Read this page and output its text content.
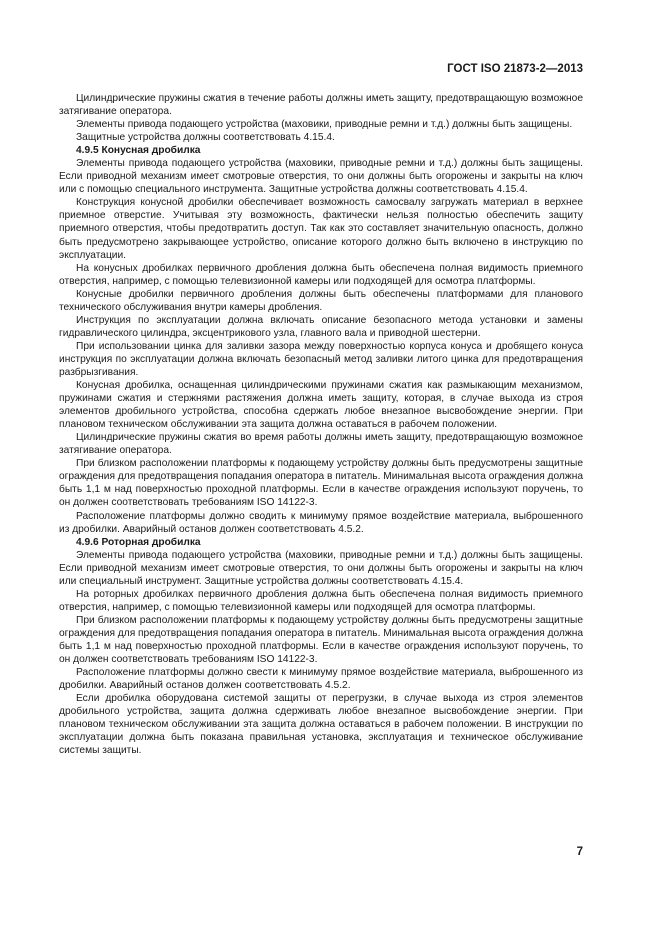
ГОСТ ISO 21873-2—2013

Цилиндрические пружины сжатия в течение работы должны иметь защиту, предотвращающую возможное затягивание оператора.

Элементы привода подающего устройства (маховики, приводные ремни и т.д.) должны быть защищены.

Защитные устройства должны соответствовать 4.15.4.

4.9.5 Конусная дробилка

Элементы привода подающего устройства (маховики, приводные ремни и т.д.) должны быть защищены. Если приводной механизм имеет смотровые отверстия, то они должны быть огорожены и закрыты на ключ или с помощью специального инструмента. Защитные устройства должны соответствовать 4.15.4.

Конструкция конусной дробилки обеспечивает возможность самосвалу загружать материал в верхнее приемное отверстие. Учитывая эту возможность, фактически нельзя полностью обеспечить защиту приемного отверстия, чтобы предотвратить доступ. Так как это составляет значительную опасность, должно быть предусмотрено закрывающее устройство, описание которого должно быть включено в инструкцию по эксплуатации.

На конусных дробилках первичного дробления должна быть обеспечена полная видимость приемного отверстия, например, с помощью телевизионной камеры или подходящей для осмотра платформы.

Конусные дробилки первичного дробления должны быть обеспечены платформами для планового технического обслуживания внутри камеры дробления.

Инструкция по эксплуатации должна включать описание безопасного метода установки и замены гидравлического цилиндра, эксцентрикового узла, главного вала и приводной шестерни.

При использовании цинка для заливки зазора между поверхностью корпуса конуса и дробящего конуса инструкция по эксплуатации должна включать безопасный метод заливки литого цинка для предотвращения разбрызгивания.

Конусная дробилка, оснащенная цилиндрическими пружинами сжатия как размыкающим механизмом, пружинами сжатия и стержнями растяжения должна иметь защиту, которая, в случае выхода из строя элементов дробильного устройства, способна сдержать любое внезапное высвобождение энергии. При плановом техническом обслуживании эта защита должна оставаться в рабочем положении.

Цилиндрические пружины сжатия во время работы должны иметь защиту, предотвращающую возможное затягивание оператора.

При близком расположении платформы к подающему устройству должны быть предусмотрены защитные ограждения для предотвращения попадания оператора в питатель. Минимальная высота ограждения должна быть 1,1 м над поверхностью проходной платформы. Если в качестве ограждения используют поручень, то он должен соответствовать требованиям ISO 14122-3.

Расположение платформы должно сводить к минимуму прямое воздействие материала, выброшенного из дробилки. Аварийный останов должен соответствовать 4.5.2.

4.9.6 Роторная дробилка

Элементы привода подающего устройства (маховики, приводные ремни и т.д.) должны быть защищены. Если приводной механизм имеет смотровые отверстия, то они должны быть огорожены и закрыты на ключ или специальный инструмент. Защитные устройства должны соответствовать 4.15.4.

На роторных дробилках первичного дробления должна быть обеспечена полная видимость приемного отверстия, например, с помощью телевизионной камеры или подходящей для осмотра платформы.

При близком расположении платформы к подающему устройству должны быть предусмотрены защитные ограждения для предотвращения попадания оператора в питатель. Минимальная высота ограждения должна быть 1,1 м над поверхностью проходной платформы. Если в качестве ограждения используют поручень, то он должен соответствовать требованиям ISO 14122-3.

Расположение платформы должно свести к минимуму прямое воздействие материала, выброшенного из дробилки. Аварийный останов должен соответствовать 4.5.2.

Если дробилка оборудована системой защиты от перегрузки, в случае выхода из строя элементов дробильного устройства, защита должна сдерживать любое внезапное высвобождение энергии. При плановом техническом обслуживании эта защита должна оставаться в рабочем положении. В инструкции по эксплуатации должна быть показана правильная установка, эксплуатация и техническое обслуживание системы защиты.

7
